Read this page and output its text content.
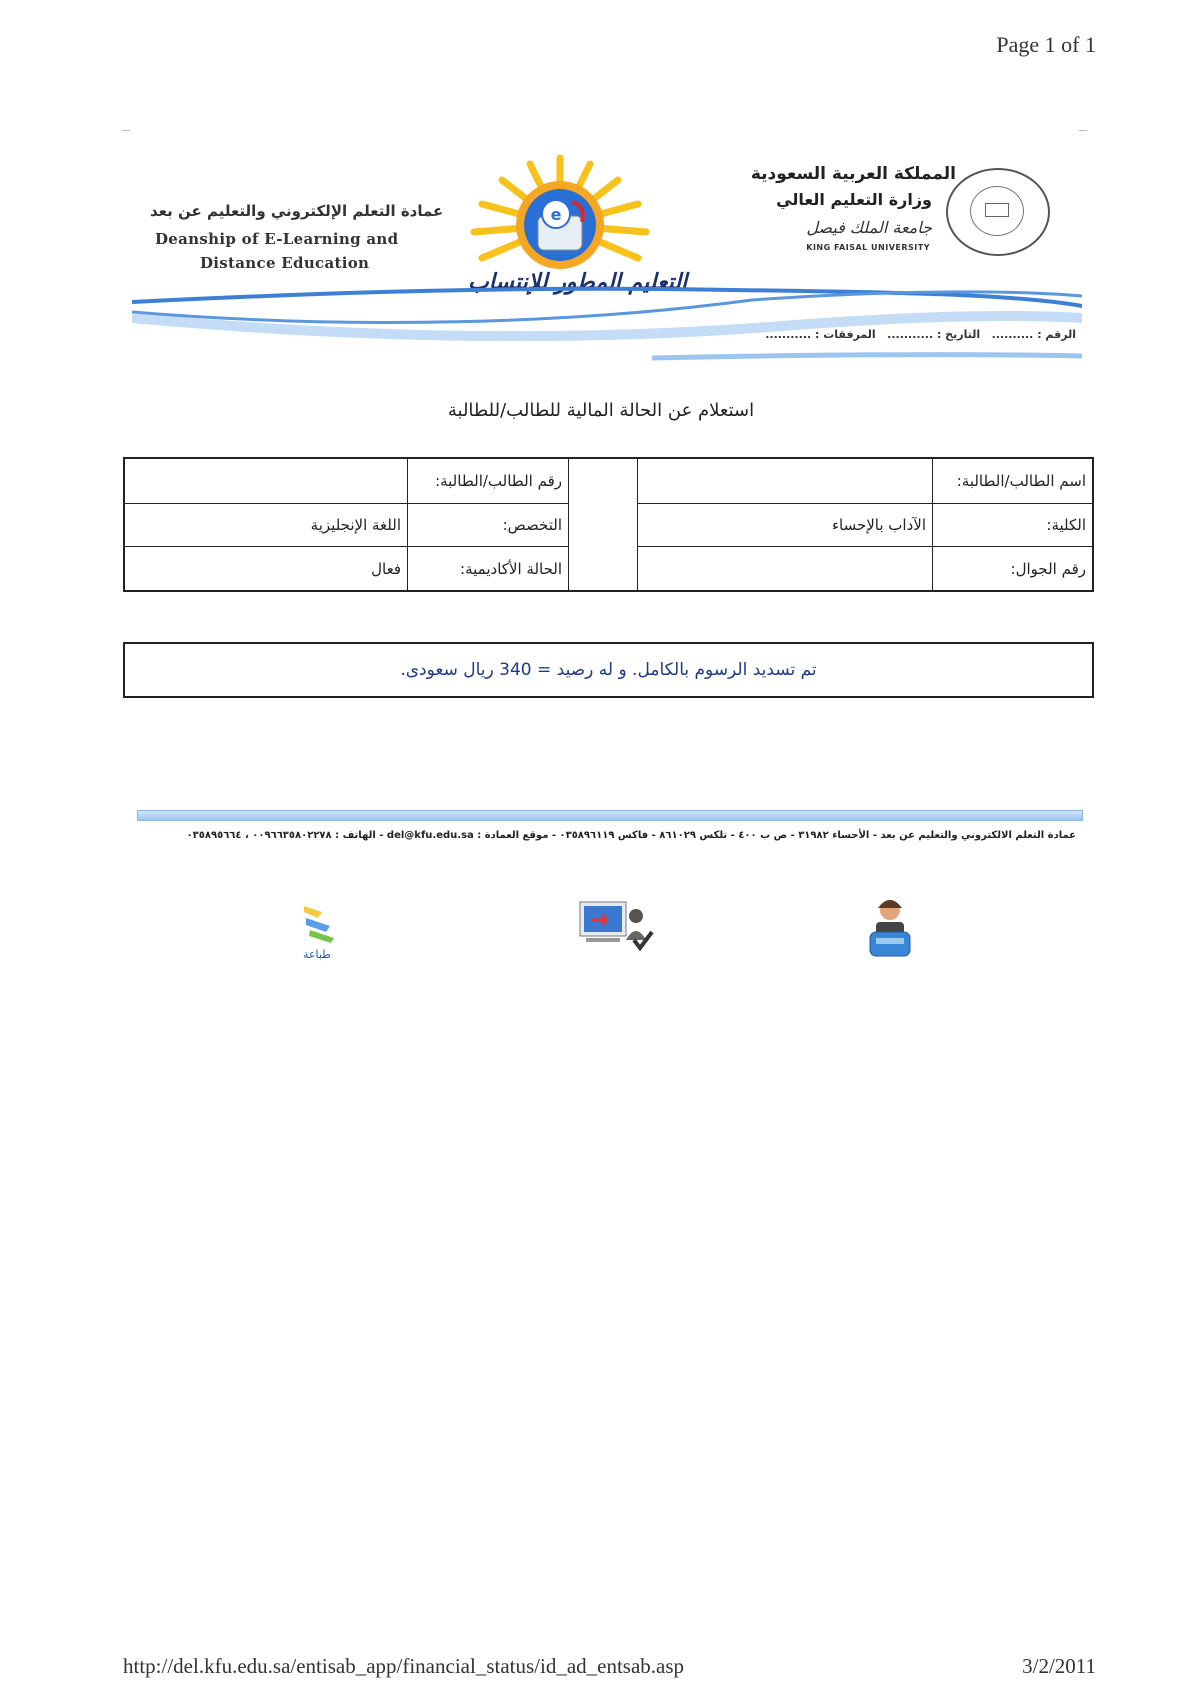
Page 1 of 1
عمادة التعلم الإلكتروني والتعليم عن بعد
Deanship of E-Learning and
Distance Education
e
التعليم المطور للإنتساب
المملكة العربية السعودية
وزارة التعليم العالي
جامعة الملك فيصل
KING FAISAL UNIVERSITY
الرقم : ..........   التاريخ : ...........   المرفقات : ...........
استعلام عن الحالة المالية للطالب/للطالبة
اسم الطالب/الطالبة:
الكلية:
رقم الجوال:
الآداب بالإحساء
رقم الطالب/الطالبة:
التخصص:
الحالة الأكاديمية:
اللغة الإنجليزية
فعال
تم تسديد الرسوم بالكامل. و له رصيد = 340 ريال سعودى.
عمادة التعلم الالكتروني والتعليم عن بعد - الأحساء ٣١٩٨٢ - ص ب ٤٠٠ - تلكس ٨٦١٠٢٩ - فاكس ٠٣٥٨٩٦١١٩ - موقع العمادة : del@kfu.edu.sa - الهاتف : ٠٠٩٦٦٣٥٨٠٢٢٧٨ ، ٠٣٥٨٩٥٦٦٤
طباعة
http://del.kfu.edu.sa/entisab_app/financial_status/id_ad_entsab.asp	3/2/2011
